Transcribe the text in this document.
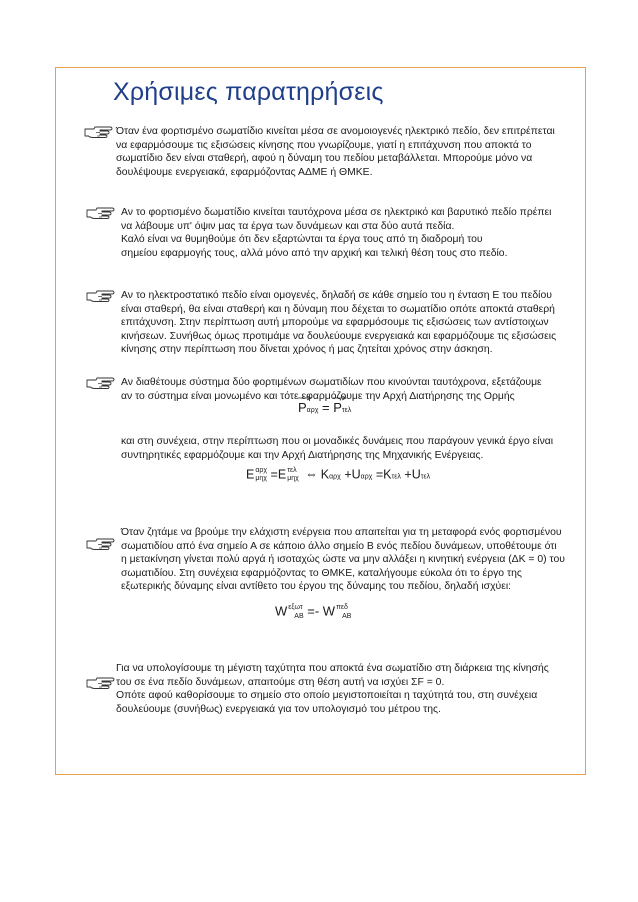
Χρήσιμες παρατηρήσεις

Όταν ένα φορτισμένο σωματίδιο κινείται μέσα σε ανομοιογενές ηλεκτρικό πεδίο, δεν επιτρέπεται

να εφαρμόσουμε τις εξισώσεις κίνησης που γνωρίζουμε, γιατί η επιτάχυνση που αποκτά το

σωματίδιο δεν είναι σταθερή, αφού η δύναμη του πεδίου μεταβάλλεται. Μπορούμε μόνο να

δουλέψουμε ενεργειακά, εφαρμόζοντας ΑΔΜΕ ή ΘΜΚΕ.

Αν το φορτισμένο δωματίδιο κινείται ταυτόχρονα μέσα σε ηλεκτρικό και βαρυτικό πεδίο πρέπει

να λάβουμε υπ' όψιν μας τα έργα των δυνάμεων και στα δύο αυτά πεδία.

Καλό είναι να θυμηθούμε ότι δεν εξαρτώνται τα έργα τους από τη διαδρομή του

σημείου εφαρμογής τους, αλλά μόνο από την αρχική και τελική θέση τους στο πεδίο.

Αν το ηλεκτροστατικό πεδίο είναι ομογενές, δηλαδή σε κάθε σημείο του η ένταση Ε του πεδίου

είναι σταθερή, θα είναι σταθερή και η δύναμη που δέχεται το σωματίδιο οπότε αποκτά σταθερή

επιτάχυνση. Στην περίπτωση αυτή μπορούμε να εφαρμόσουμε τις εξισώσεις των αντίστοιχων

κινήσεων. Συνήθως όμως προτιμάμε να δουλεύουμε ενεργειακά και εφαρμόζουμε τις εξισώσεις

κίνησης στην περίπτωση που δίνεται χρόνος ή μας ζητείται χρόνος στην άσκηση.

Αν διαθέτουμε σύστημα δύο φορτιμένων σωματιδίων που κινούνται ταυτόχρονα, εξετάζουμε

αν το σύστημα είναι μονωμένο και τότε εφαρμόζουμε την Αρχή Διατήρησης της Ορμής

Pαρχ = Pτελ

και στη συνέχεια, στην περίπτωση που οι μοναδικές δυνάμεις που παράγουν γενικά έργο είναι

συντηρητικές εφαρμόζουμε και την Αρχή Διατήρησης της Μηχανικής Ενέργειας.

E αρχ
μηχ =E τελ
μηχ ⇔ Kαρχ +Uαρχ =Kτελ +Uτελ

Όταν ζητάμε να βρούμε την ελάχιστη ενέργεια που απαιτείται για τη μεταφορά ενός φορτισμένου

σωματιδίου από ένα σημείο Α σε κάποιο άλλο σημείο Β ενός πεδίου δυνάμεων, υποθέτουμε ότι

η μετακίνηση γίνεται πολύ αργά ή ισοταχώς ώστε να μην αλλάξει η κινητική ενέργεια (ΔΚ = 0) του

σωματιδίου. Στη συνέχεια εφαρμόζοντας το ΘΜΚΕ, καταλήγουμε εύκολα ότι το έργο της

εξωτερικής δύναμης είναι αντίθετο του έργου της δύναμης του πεδίου, δηλαδή ισχύει:

W εξωτ
AB =- W πεδ
AB

Για να υπολογίσουμε τη μέγιστη ταχύτητα που αποκτά ένα σωματίδιο στη διάρκεια της κίνησής

του σε ένα πεδίο δυνάμεων, απαιτούμε στη θέση αυτή να ισχύει ΣF = 0.

Οπότε αφού καθορίσουμε το σημείο στο οποίο μεγιστοποιείται η ταχύτητά του, στη συνέχεια

δουλεύουμε (συνήθως) ενεργειακά για τον υπολογισμό του μέτρου της.
